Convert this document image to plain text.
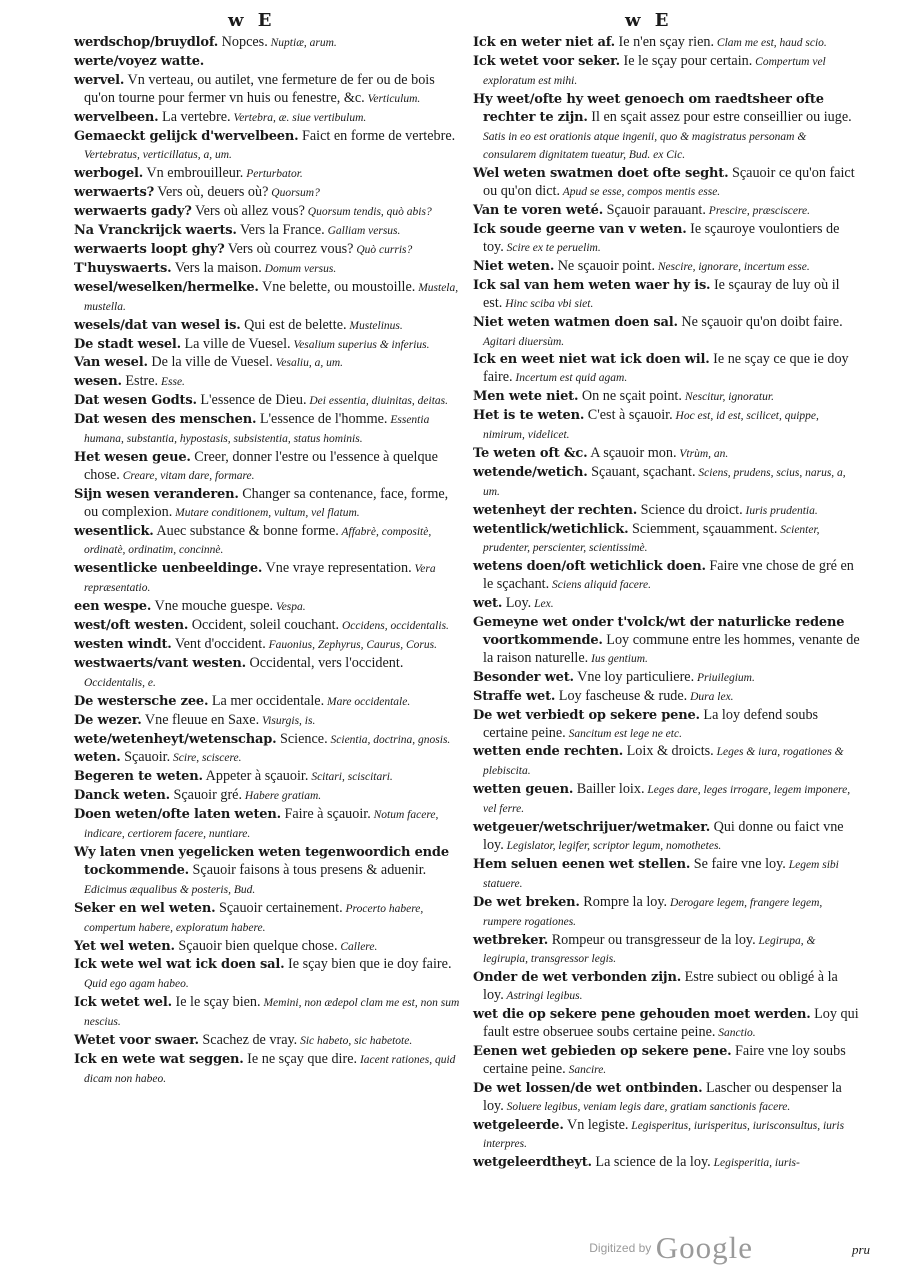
w E	w E

werdschop/bruydlof. Nopces. Nuptiæ, arum.

werte/voyez watte.

wervel. Vn verteau, ou autilet, vne fermeture de fer ou de bois qu'on tourne pour fermer vn huis ou fenestre, &c. Verticulum.

wervelbeen. La vertebre. Vertebra, æ. siue vertibulum.

Gemaeckt gelijck d'wervelbeen. Faict en forme de vertebre. Vertebratus, verticillatus, a, um.

werbogel. Vn embrouilleur. Perturbator.

werwaerts? Vers où, deuers où? Quorsum?

werwaerts gady? Vers où allez vous? Quorsum tendis, quò abis?

Na Vranckrijck waerts. Vers la France. Galliam versus.

werwaerts loopt ghy? Vers où courrez vous? Quò curris?

T'huyswaerts. Vers la maison. Domum versus.

wesel/weselken/hermelke. Vne belette, ou moustoille. Mustela, mustella.

wesels/dat van wesel is. Qui est de belette. Mustelinus.

De stadt wesel. La ville de Vuesel. Vesalium superius & inferius.

Van wesel. De la ville de Vuesel. Vesaliu, a, um.

wesen. Estre. Esse.

Dat wesen Godts. L'essence de Dieu. Dei essentia, diuinitas, deitas.

Dat wesen des menschen. L'essence de l'homme. Essentia humana, substantia, hypostasis, subsistentia, status hominis.

Het wesen geue. Creer, donner l'estre ou l'essence à quelque chose. Creare, vitam dare, formare.

Sijn wesen veranderen. Changer sa contenance, face, forme, ou complexion. Mutare conditionem, vultum, vel flatum.

wesentlick. Auec substance & bonne forme. Affabrè, compositè, ordinatè, ordinatim, concinnè.

wesentlicke uenbeeldinge. Vne vraye representation. Vera repræsentatio.

een wespe. Vne mouche guespe. Vespa.

west/oft westen. Occident, soleil couchant. Occidens, occidentalis.

westen windt. Vent d'occident. Fauonius, Zephyrus, Caurus, Corus.

westwaerts/vant westen. Occidental, vers l'occident. Occidentalis, e.

De westersche zee. La mer occidentale. Mare occidentale.

De wezer. Vne fleuue en Saxe. Visurgis, is.

wete/wetenheyt/wetenschap. Science. Scientia, doctrina, gnosis.

weten. Sçauoir. Scire, sciscere.

Begeren te weten. Appeter à sçauoir. Scitari, sciscitari.

Danck weten. Sçauoir gré. Habere gratiam.

Doen weten/ofte laten weten. Faire à sçauoir. Notum facere, indicare, certiorem facere, nuntiare.

Wy laten vnen yegelicken weten tegenwoordich ende tockommende. Sçauoir faisons à tous presens & aduenir. Edicimus æqualibus & posteris, Bud.

Seker en wel weten. Sçauoir certainement. Procerto habere, compertum habere, exploratum habere.

Yet wel weten. Sçauoir bien quelque chose. Callere.

Ick wete wel wat ick doen sal. Ie sçay bien que ie doy faire. Quid ego agam habeo.

Ick wetet wel. Ie le sçay bien. Memini, non ædepol clam me est, non sum nescius.

Wetet voor swaer. Scachez de vray. Sic habeto, sic habetote.

Ick en wete wat seggen. Ie ne sçay que dire. Iacent rationes, quid dicam non habeo.

Ick en weter niet af. Ie n'en sçay rien. Clam me est, haud scio.

Ick wetet voor seker. Ie le sçay pour certain. Compertum vel exploratum est mihi.

Hy weet/ofte hy weet genoech om raedtsheer ofte rechter te zijn. Il en sçait assez pour estre conseillier ou iuge. Satis in eo est orationis atque ingenii, quo & magistratus personam & consularem dignitatem tueatur, Bud. ex Cic.

Wel weten swatmen doet ofte seght. Sçauoir ce qu'on faict ou qu'on dict. Apud se esse, compos mentis esse.

Van te voren weté. Sçauoir parauant. Prescire, præsciscere.

Ick soude geerne van v weten. Ie sçauroye voulontiers de toy. Scire ex te peruelim.

Niet weten. Ne sçauoir point. Nescire, ignorare, incertum esse.

Ick sal van hem weten waer hy is. Ie sçauray de luy où il est. Hinc sciba vbi siet.

Niet weten watmen doen sal. Ne sçauoir qu'on doibt faire. Agitari diuersùm.

Ick en weet niet wat ick doen wil. Ie ne sçay ce que ie doy faire. Incertum est quid agam.

Men wete niet. On ne sçait point. Nescitur, ignoratur.

Het is te weten. C'est à sçauoir. Hoc est, id est, scilicet, quippe, nimirum, videlicet.

Te weten oft &c. A sçauoir mon. Vtrùm, an.

wetende/wetich. Sçauant, sçachant. Sciens, prudens, scius, narus, a, um.

wetenheyt der rechten. Science du droict. Iuris prudentia.

wetentlick/wetichlick. Sciemment, sçauamment. Scienter, prudenter, perscienter, scientissimè.

wetens doen/oft wetichlick doen. Faire vne chose de gré en le sçachant. Sciens aliquid facere.

wet. Loy. Lex.

Gemeyne wet onder t'volck/wt der naturlicke redene voortkommende. Loy commune entre les hommes, venante de la raison naturelle. Ius gentium.

Besonder wet. Vne loy particuliere. Priuilegium.

Straffe wet. Loy fascheuse & rude. Dura lex.

De wet verbiedt op sekere pene. La loy defend soubs certaine peine. Sancitum est lege ne etc.

wetten ende rechten. Loix & droicts. Leges & iura, rogationes & plebiscita.

wetten geuen. Bailler loix. Leges dare, leges irrogare, legem imponere, vel ferre.

wetgeuer/wetschrijuer/wetmaker. Qui donne ou faict vne loy. Legislator, legifer, scriptor legum, nomothetes.

Hem seluen eenen wet stellen. Se faire vne loy. Legem sibi statuere.

De wet breken. Rompre la loy. Derogare legem, frangere legem, rumpere rogationes.

wetbreker. Rompeur ou transgresseur de la loy. Legirupa, & legirupia, transgressor legis.

Onder de wet verbonden zijn. Estre subiect ou obligé à la loy. Astringi legibus.

wet die op sekere pene gehouden moet werden. Loy qui fault estre obseruee soubs certaine peine. Sanctio.

Eenen wet gebieden op sekere pene. Faire vne loy soubs certaine peine. Sancire.

De wet lossen/de wet ontbinden. Lascher ou despenser la loy. Soluere legibus, veniam legis dare, gratiam sanctionis facere.

wetgeleerde. Vn legiste. Legisperitus, iurisperitus, iurisconsultus, iuris interpres.

wetgeleerdtheyt. La science de la loy. Legisperitia, iuris-

pru
Digitized by Google
